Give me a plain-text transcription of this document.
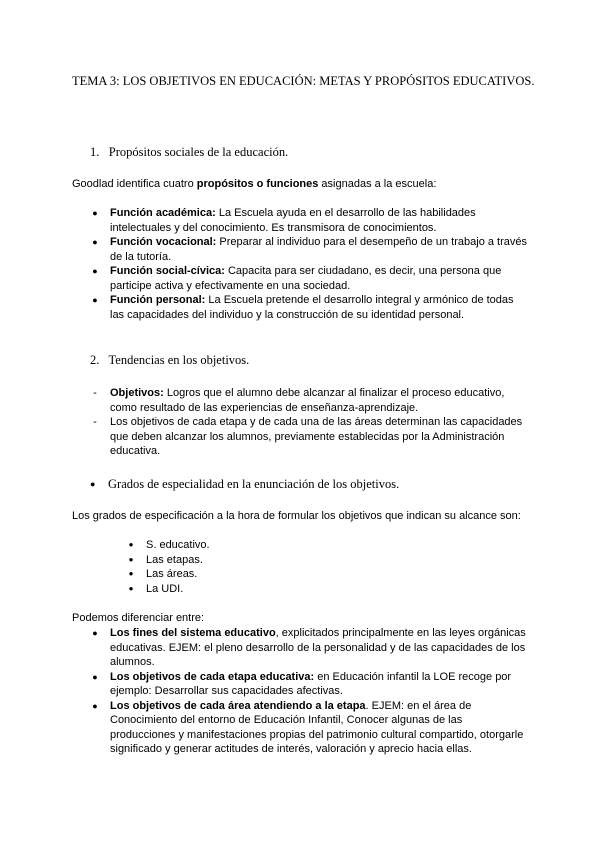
TEMA 3: LOS OBJETIVOS EN EDUCACIÓN: METAS Y PROPÓSITOS EDUCATIVOS.
1. Propósitos sociales de la educación.
Goodlad identifica cuatro propósitos o funciones asignadas a la escuela:
●	Función académica: La Escuela ayuda en el desarrollo de las habilidades intelectuales y del conocimiento. Es transmisora de conocimientos.
●	Función vocacional: Preparar al individuo para el desempeño de un trabajo a través de la tutoría.
●	Función social-cívica: Capacita para ser ciudadano, es decir, una persona que participe activa y efectivamente en una sociedad.
●	Función personal: La Escuela pretende el desarrollo integral y armónico de todas las capacidades del individuo y la construcción de su identidad personal.
2. Tendencias en los objetivos.
-	Objetivos: Logros que el alumno debe alcanzar al finalizar el proceso educativo, como resultado de las experiencias de enseñanza-aprendizaje.
-	Los objetivos de cada etapa y de cada una de las áreas determinan las capacidades que deben alcanzar los alumnos, previamente establecidas por la Administración educativa.
● Grados de especialidad en la enunciación de los objetivos.
Los grados de especificación a la hora de formular los objetivos que indican su alcance son:
●	S. educativo.
●	Las etapas.
●	Las áreas.
●	La UDI.
Podemos diferenciar entre:
●	Los fines del sistema educativo, explicitados principalmente en las leyes orgánicas educativas. EJEM: el pleno desarrollo de la personalidad y de las capacidades de los alumnos.
●	Los objetivos de cada etapa educativa: en Educación infantil la LOE recoge por ejemplo: Desarrollar sus capacidades afectivas.
●	Los objetivos de cada área atendiendo a la etapa. EJEM: en el área de Conocimiento del entorno de Educación Infantil, Conocer algunas de las producciones y manifestaciones propias del patrimonio cultural compartido, otorgarle significado y generar actitudes de interés, valoración y aprecio hacia ellas.
